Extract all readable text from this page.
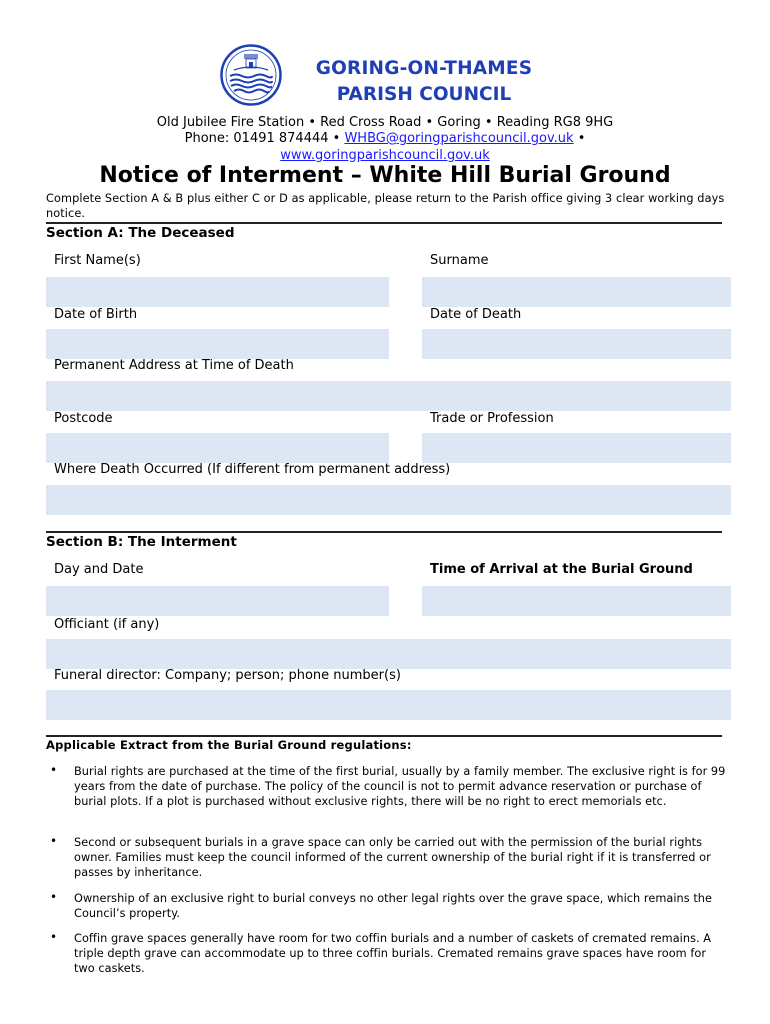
GORING-ON-THAMES
PARISH COUNCIL
Old Jubilee Fire Station • Red Cross Road • Goring • Reading RG8 9HG
Phone: 01491 874444 • WHBG@goringparishcouncil.gov.uk •
www.goringparishcouncil.gov.uk
Notice of Interment – White Hill Burial Ground
Complete Section A & B plus either C or D as applicable, please return to the Parish office giving 3 clear working days notice.
Section A: The Deceased
First Name(s)	Surname
Date of Birth	Date of Death
Permanent Address at Time of Death
Postcode	Trade or Profession
Where Death Occurred (If different from permanent address)
Section B: The Interment
Day and Date	Time of Arrival at the Burial Ground
Officiant (if any)
Funeral director: Company; person; phone number(s)
Applicable Extract from the Burial Ground regulations:
• Burial rights are purchased at the time of the first burial, usually by a family member. The exclusive right is for 99 years from the date of purchase. The policy of the council is not to permit advance reservation or purchase of burial plots. If a plot is purchased without exclusive rights, there will be no right to erect memorials etc.
• Second or subsequent burials in a grave space can only be carried out with the permission of the burial rights owner. Families must keep the council informed of the current ownership of the burial right if it is transferred or passes by inheritance.
• Ownership of an exclusive right to burial conveys no other legal rights over the grave space, which remains the Council’s property.
• Coffin grave spaces generally have room for two coffin burials and a number of caskets of cremated remains. A triple depth grave can accommodate up to three coffin burials. Cremated remains grave spaces have room for two caskets.
